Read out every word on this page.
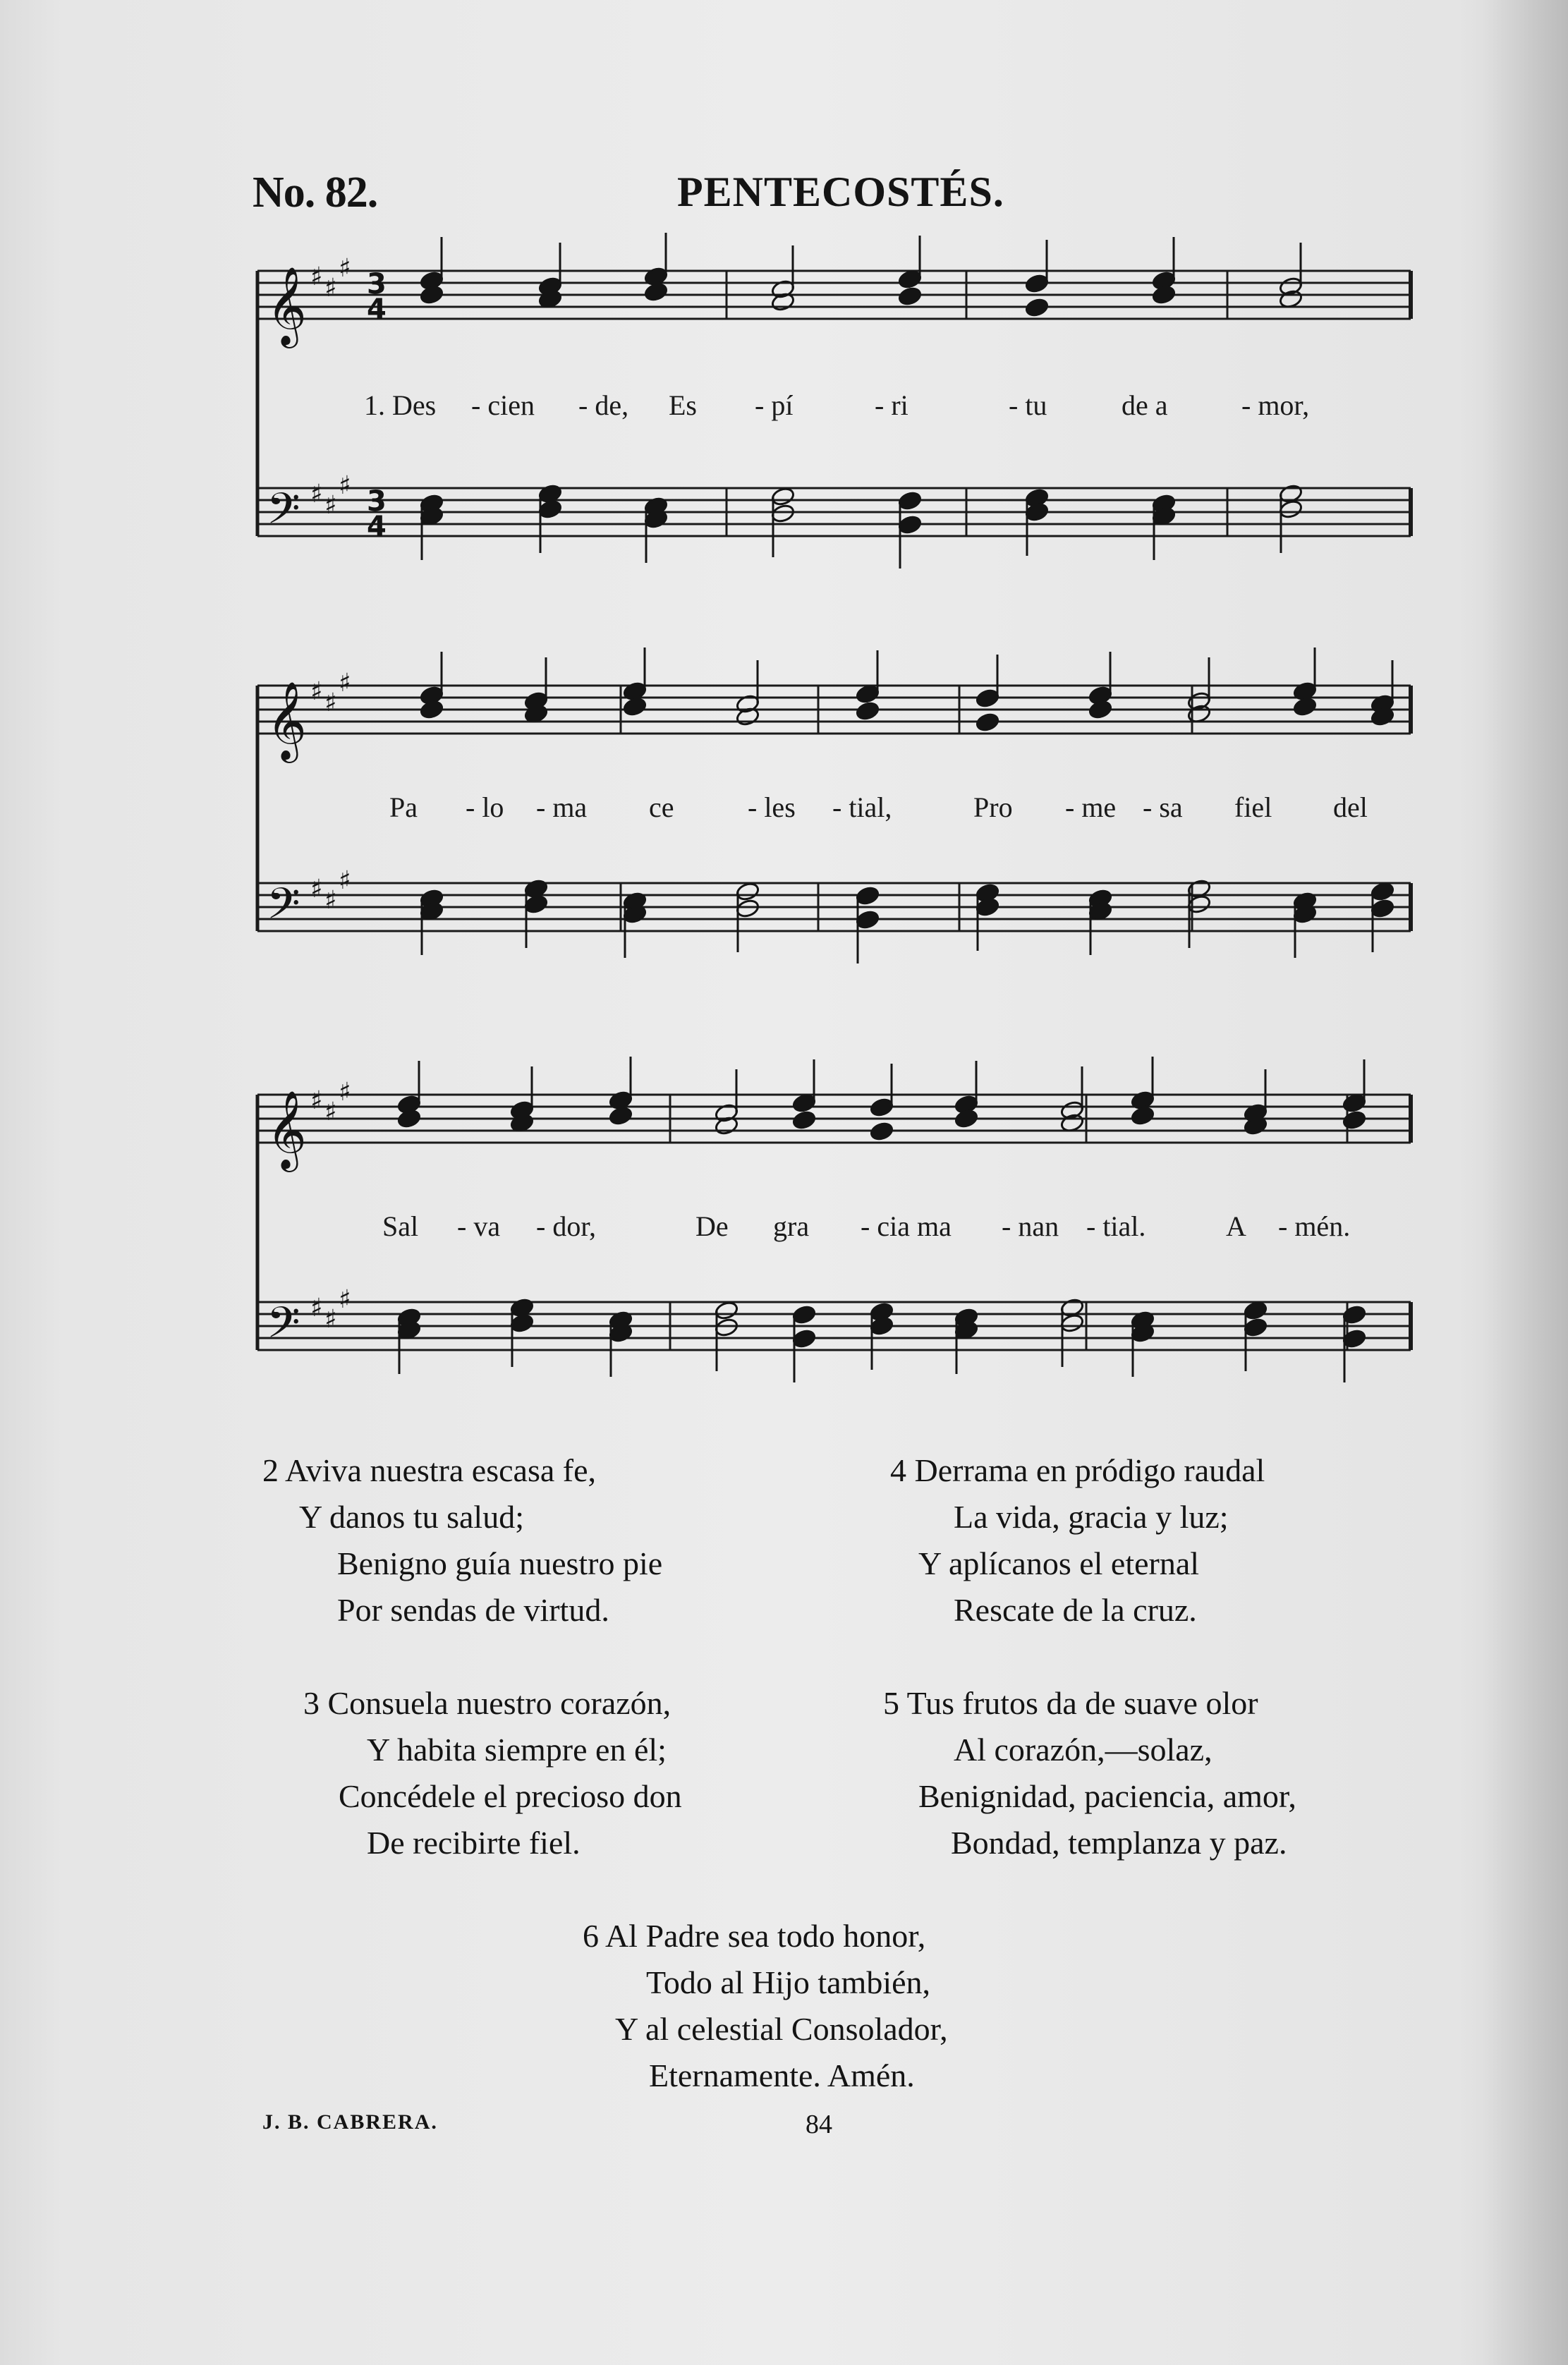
No. 82.	PENTECOSTÉS.
𝄞 ♯ ♯
♯ 3
4
𝄢 ♯ ♯
♯ 3
4
𝄞 ♯ ♯
♯
𝄢 ♯ ♯
♯
𝄞 ♯ ♯
♯
𝄢 ♯ ♯
♯
1. Des - cien - de, Es - pí	- ri	- tu	de a	- mor,
Pa - lo - ma ce	- les - tial,	Pro - me - sa fiel del
Sal - va - dor,	De gra - cia ma - nan - tial.	A - mén.
2 Aviva nuestra escasa fe,
Y danos tu salud;
Benigno guía nuestro pie
Por sendas de virtud.
4 Derrama en pródigo raudal
La vida, gracia y luz;
Y aplícanos el eternal
Rescate de la cruz.
3 Consuela nuestro corazón,
Y habita siempre en él;
Concédele el precioso don
De recibirte fiel.
5 Tus frutos da de suave olor
Al corazón,—solaz,
Benignidad, paciencia, amor,
Bondad, templanza y paz.
6 Al Padre sea todo honor,
Todo al Hijo también,
Y al celestial Consolador,
Eternamente. Amén.
J. B. CABRERA.	84
